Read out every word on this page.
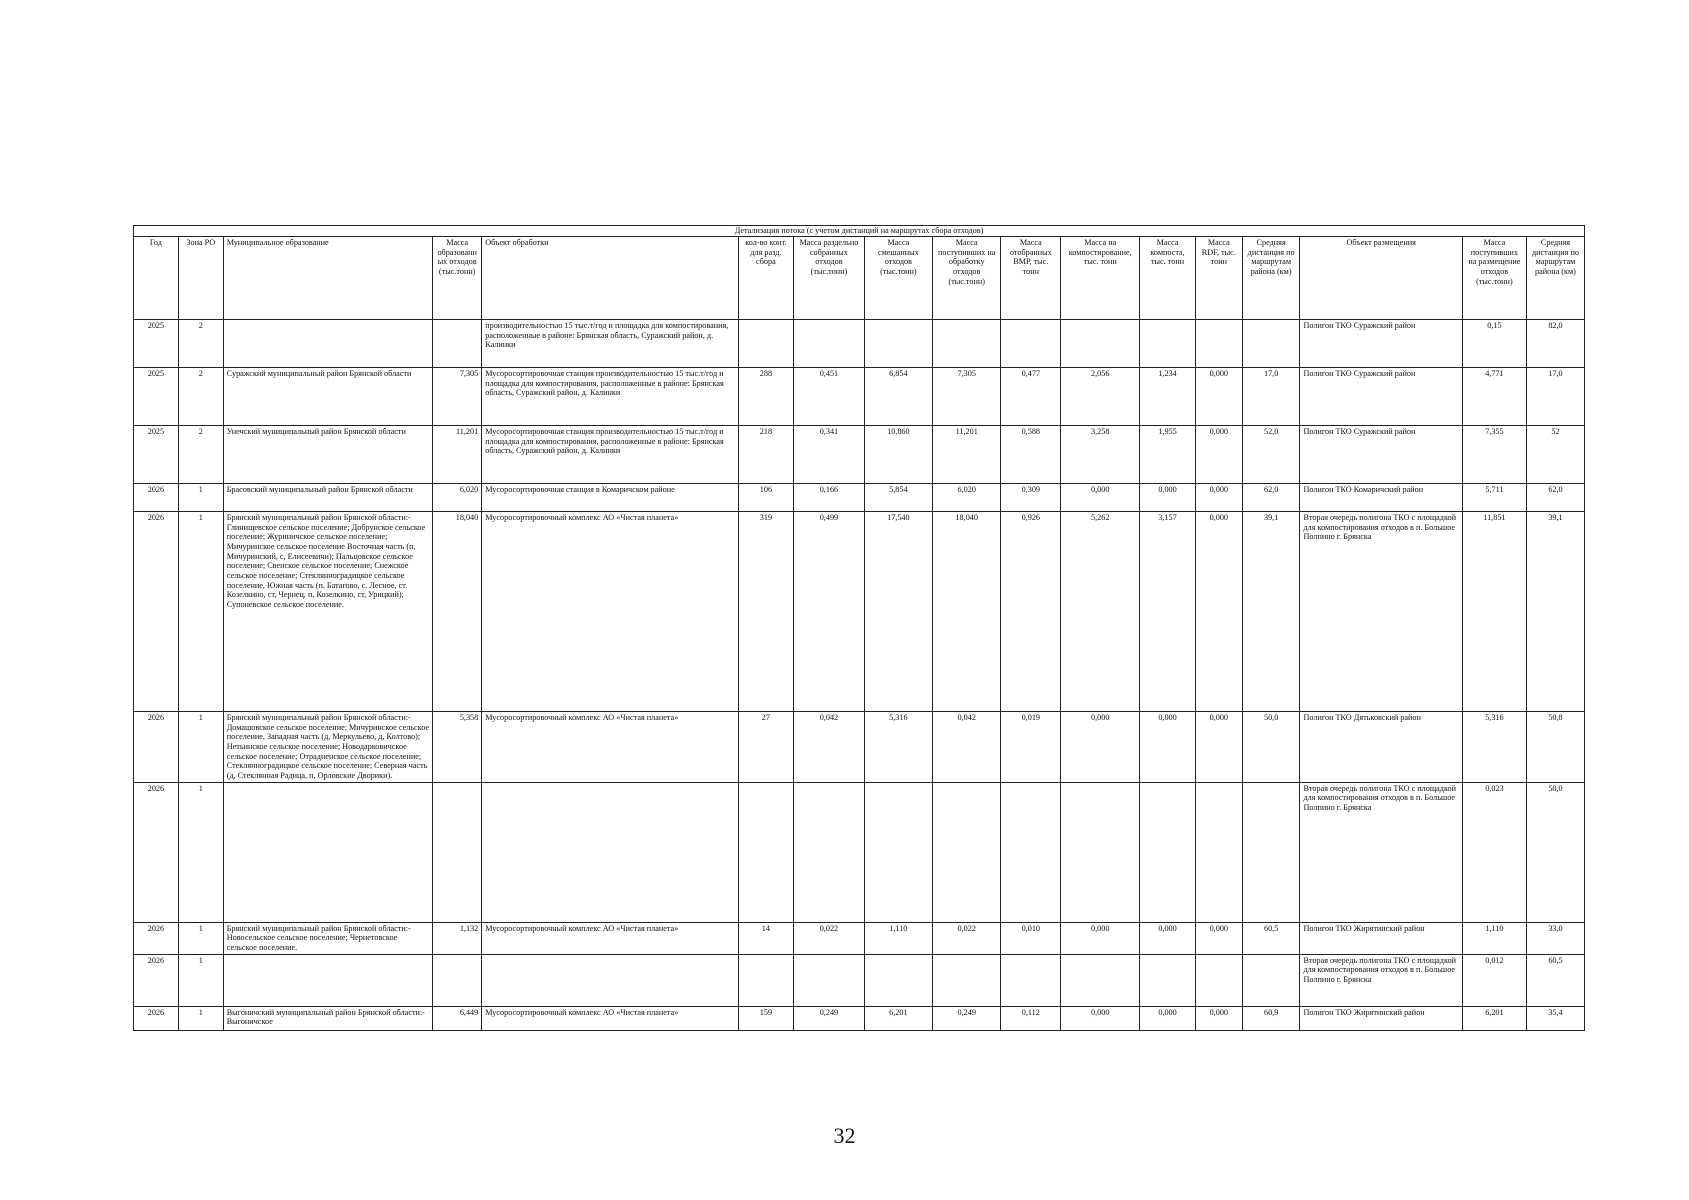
Детализация потока (с учетом дистанций на маршрутах сбора отходов)																
Год	Зона РО	Муниципальное образование	Масса образованных отходов (тыс.тонн)	Объект обработки	кол-во конт. для разд. сбора	Масса раздельно собранных отходов (тыс.тонн)	Масса смешанных отходов (тыс.тонн)	Масса поступивших на обработку отходов (тыс.тонн)	Масса отобранных ВМР, тыс. тонн	Масса на компостирование, тыс. тонн	Масса компоста, тыс. тонн	Масса RDF, тыс. тонн	Средняя дистанция по маршрутам района (км)	Объект размещения	Масса поступивших на размещение отходов (тыс.тонн)	Средняя дистанция по маршрутам района (км)
2025	2			производительностью 15 тыс.т/год и площадка для компостирования, расположенные в районе: Брянская область, Суражский район, д. Калинки										Полигон ТКО Суражский район	0,15	82,0
2025	2	Суражский муниципальный район Брянской области	7,305	Мусоросортировочная станция производительностью 15 тыс.т/год и площадка для компостирования, расположенные в районе: Брянская область, Суражский район, д. Калинки	288	0,451	6,854	7,305	0,477	2,056	1,234	0,000	17,0	Полигон ТКО Суражский район	4,771	17,0
2025	2	Унечский муниципальный район Брянской области	11,201	Мусоросортировочная станция производительностью 15 тыс.т/год и площадка для компостирования, расположенные в районе: Брянская область, Суражский район, д. Калинки	218	0,341	10,860	11,201	0,588	3,258	1,955	0,000	52,0	Полигон ТКО Суражский район	7,355	52
2026	1	Брасовский муниципальный район Брянской области	6,020	Мусоросортировочная станция в Комаричском районе	106	0,166	5,854	6,020	0,309	0,000	0,000	0,000	62,0	Полигон ТКО Комаричский район	5,711	62,0
2026	1	Брянский муниципальный район Брянской области:- Глинищевское сельское поселение; Добрунское сельское поселение; Журиничское сельское поселение; Мичуринское сельское поселение Восточная часть (п, Мичуринский, с, Елисеевичи); Пальцовское сельское поселение; Свенское сельское поселение; Снежское сельское поселение; Стеклянноградицкое сельское поселение, Южная часть (п. Батагово, с. Лесное, ст. Козелкино, ст, Чернец, п, Козелкино, ст, Урицкий); Супоневское сельское поселение.	18,040	Мусоросортировочный комплекс АО «Чистая планета»	319	0,499	17,540	18,040	0,926	5,262	3,157	0,000	39,1	Вторая очередь полигона ТКО с площадкой для компостирования отходов в п. Большое Полпино г. Брянска	11,851	39,1
2026	1	Брянский муниципальный район Брянской области:- Домашовское сельское поселение; Мичуринское сельское поселение, Западная часть (д, Меркульево, д, Колтово); Нетьинское сельское поселение; Новодарковичское сельское поселение; Отрадненское сельское поселение; Стеклянноградицкое сельское поселение; Северная часть (д, Стеклянная Радица, п, Орловские Дворики).	5,358	Мусоросортировочный комплекс АО «Чистая планета»	27	0,042	5,316	0,042	0,019	0,000	0,000	0,000	50,0	Полигон ТКО Дятьковский район	5,316	50,8
2026	1													Вторая очередь полигона ТКО с площадкой для компостирования отходов в п. Большое Полпино г. Брянска	0,023	50,0
2026	1	Брянский муниципальный район Брянской области:- Новосельское сельское поселение; Чернетовское сельское поселение.	1,132	Мусоросортировочный комплекс АО «Чистая планета»	14	0,022	1,110	0,022	0,010	0,000	0,000	0,000	60,5	Полигон ТКО Жирятинский район	1,110	33,0
2026	1													Вторая очередь полигона ТКО с площадкой для компостирования отходов в п. Большое Полпино г. Брянска	0,012	60,5
2026	1	Выгоничский муниципальный район Брянской области:- Выгоничское	6,449	Мусоросортировочный комплекс АО «Чистая планета»	159	0,249	6,201	0,249	0,112	0,000	0,000	0,000	60,9	Полигон ТКО Жирятинский район	6,201	35,4
32
